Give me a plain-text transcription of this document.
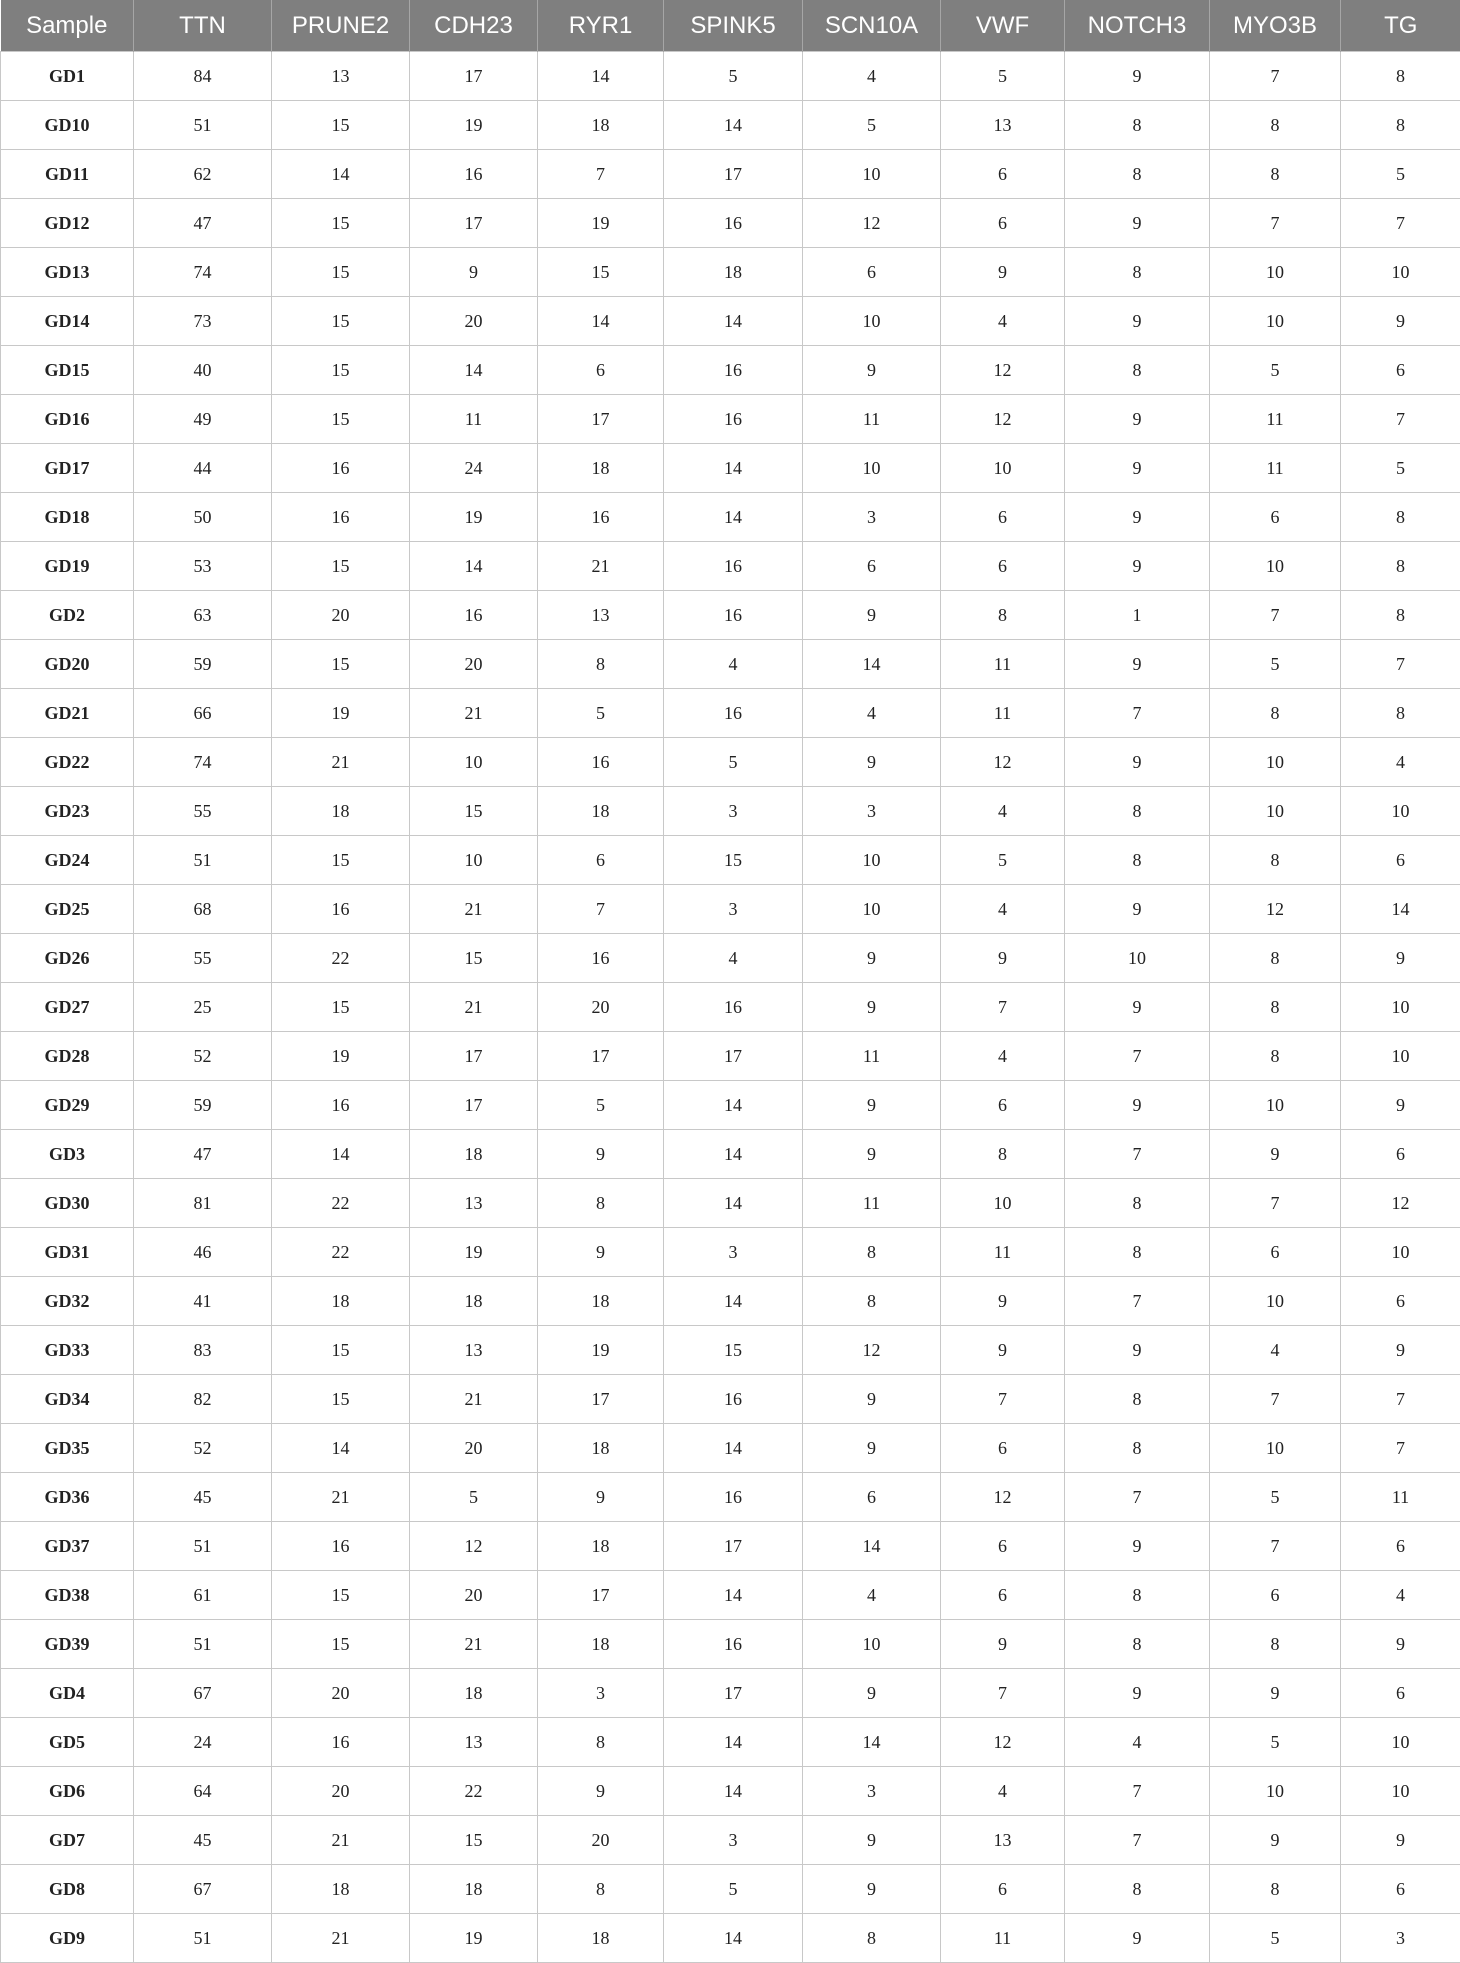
Sample	TTN	PRUNE2	CDH23	RYR1	SPINK5	SCN10A	VWF	NOTCH3	MYO3B	TG
GD1	84	13	17	14	5	4	5	9	7	8
GD10	51	15	19	18	14	5	13	8	8	8
GD11	62	14	16	7	17	10	6	8	8	5
GD12	47	15	17	19	16	12	6	9	7	7
GD13	74	15	9	15	18	6	9	8	10	10
GD14	73	15	20	14	14	10	4	9	10	9
GD15	40	15	14	6	16	9	12	8	5	6
GD16	49	15	11	17	16	11	12	9	11	7
GD17	44	16	24	18	14	10	10	9	11	5
GD18	50	16	19	16	14	3	6	9	6	8
GD19	53	15	14	21	16	6	6	9	10	8
GD2	63	20	16	13	16	9	8	1	7	8
GD20	59	15	20	8	4	14	11	9	5	7
GD21	66	19	21	5	16	4	11	7	8	8
GD22	74	21	10	16	5	9	12	9	10	4
GD23	55	18	15	18	3	3	4	8	10	10
GD24	51	15	10	6	15	10	5	8	8	6
GD25	68	16	21	7	3	10	4	9	12	14
GD26	55	22	15	16	4	9	9	10	8	9
GD27	25	15	21	20	16	9	7	9	8	10
GD28	52	19	17	17	17	11	4	7	8	10
GD29	59	16	17	5	14	9	6	9	10	9
GD3	47	14	18	9	14	9	8	7	9	6
GD30	81	22	13	8	14	11	10	8	7	12
GD31	46	22	19	9	3	8	11	8	6	10
GD32	41	18	18	18	14	8	9	7	10	6
GD33	83	15	13	19	15	12	9	9	4	9
GD34	82	15	21	17	16	9	7	8	7	7
GD35	52	14	20	18	14	9	6	8	10	7
GD36	45	21	5	9	16	6	12	7	5	11
GD37	51	16	12	18	17	14	6	9	7	6
GD38	61	15	20	17	14	4	6	8	6	4
GD39	51	15	21	18	16	10	9	8	8	9
GD4	67	20	18	3	17	9	7	9	9	6
GD5	24	16	13	8	14	14	12	4	5	10
GD6	64	20	22	9	14	3	4	7	10	10
GD7	45	21	15	20	3	9	13	7	9	9
GD8	67	18	18	8	5	9	6	8	8	6
GD9	51	21	19	18	14	8	11	9	5	3
